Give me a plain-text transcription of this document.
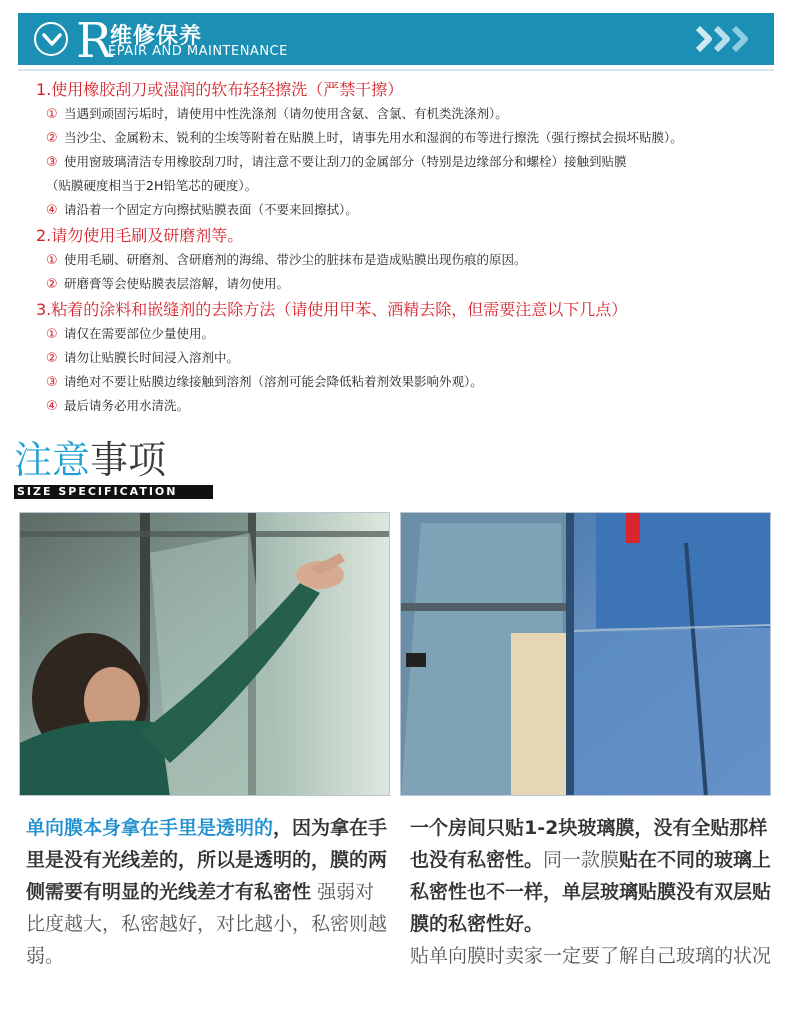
R
维修保养
EPAIR AND MAINTENANCE
1.使用橡胶刮刀或湿润的软布轻轻擦洗（严禁干擦）
① 当遇到顽固污垢时，请使用中性洗涤剂（请勿使用含氨、含氯、有机类洗涤剂）。
② 当沙尘、金属粉末、锐利的尘埃等附着在贴膜上时，请事先用水和湿润的布等进行擦洗（强行擦拭会损坏贴膜）。
③ 使用窗玻璃清洁专用橡胶刮刀时，请注意不要让刮刀的金属部分（特别是边缘部分和螺栓）接触到贴膜
（贴膜硬度相当于2H铅笔芯的硬度）。
④ 请沿着一个固定方向擦拭贴膜表面（不要来回擦拭）。
2.请勿使用毛刷及研磨剂等。
① 使用毛刷、研磨剂、含研磨剂的海绵、带沙尘的脏抹布是造成贴膜出现伤痕的原因。
② 研磨膏等会使贴膜表层溶解，请勿使用。
3.粘着的涂料和嵌缝剂的去除方法（请使用甲苯、酒精去除，但需要注意以下几点）
① 请仅在需要部位少量使用。
② 请勿让贴膜长时间浸入溶剂中。
③ 请绝对不要让贴膜边缘接触到溶剂（溶剂可能会降低粘着剂效果影响外观）。
④ 最后请务必用水清洗。
注意事项
SIZE SPECIFICATION
单向膜本身拿在手里是透明的，因为拿在手里是没有光线差的，所以是透明的，膜的两侧需要有明显的光线差才有私密性 强弱对比度越大，私密越好，对比越小，私密则越弱。
一个房间只贴1-2块玻璃膜，没有全贴那样也没有私密性。同一款膜贴在不同的玻璃上私密性也不一样，单层玻璃贴膜没有双层贴膜的私密性好。
贴单向膜时卖家一定要了解自己玻璃的状况
